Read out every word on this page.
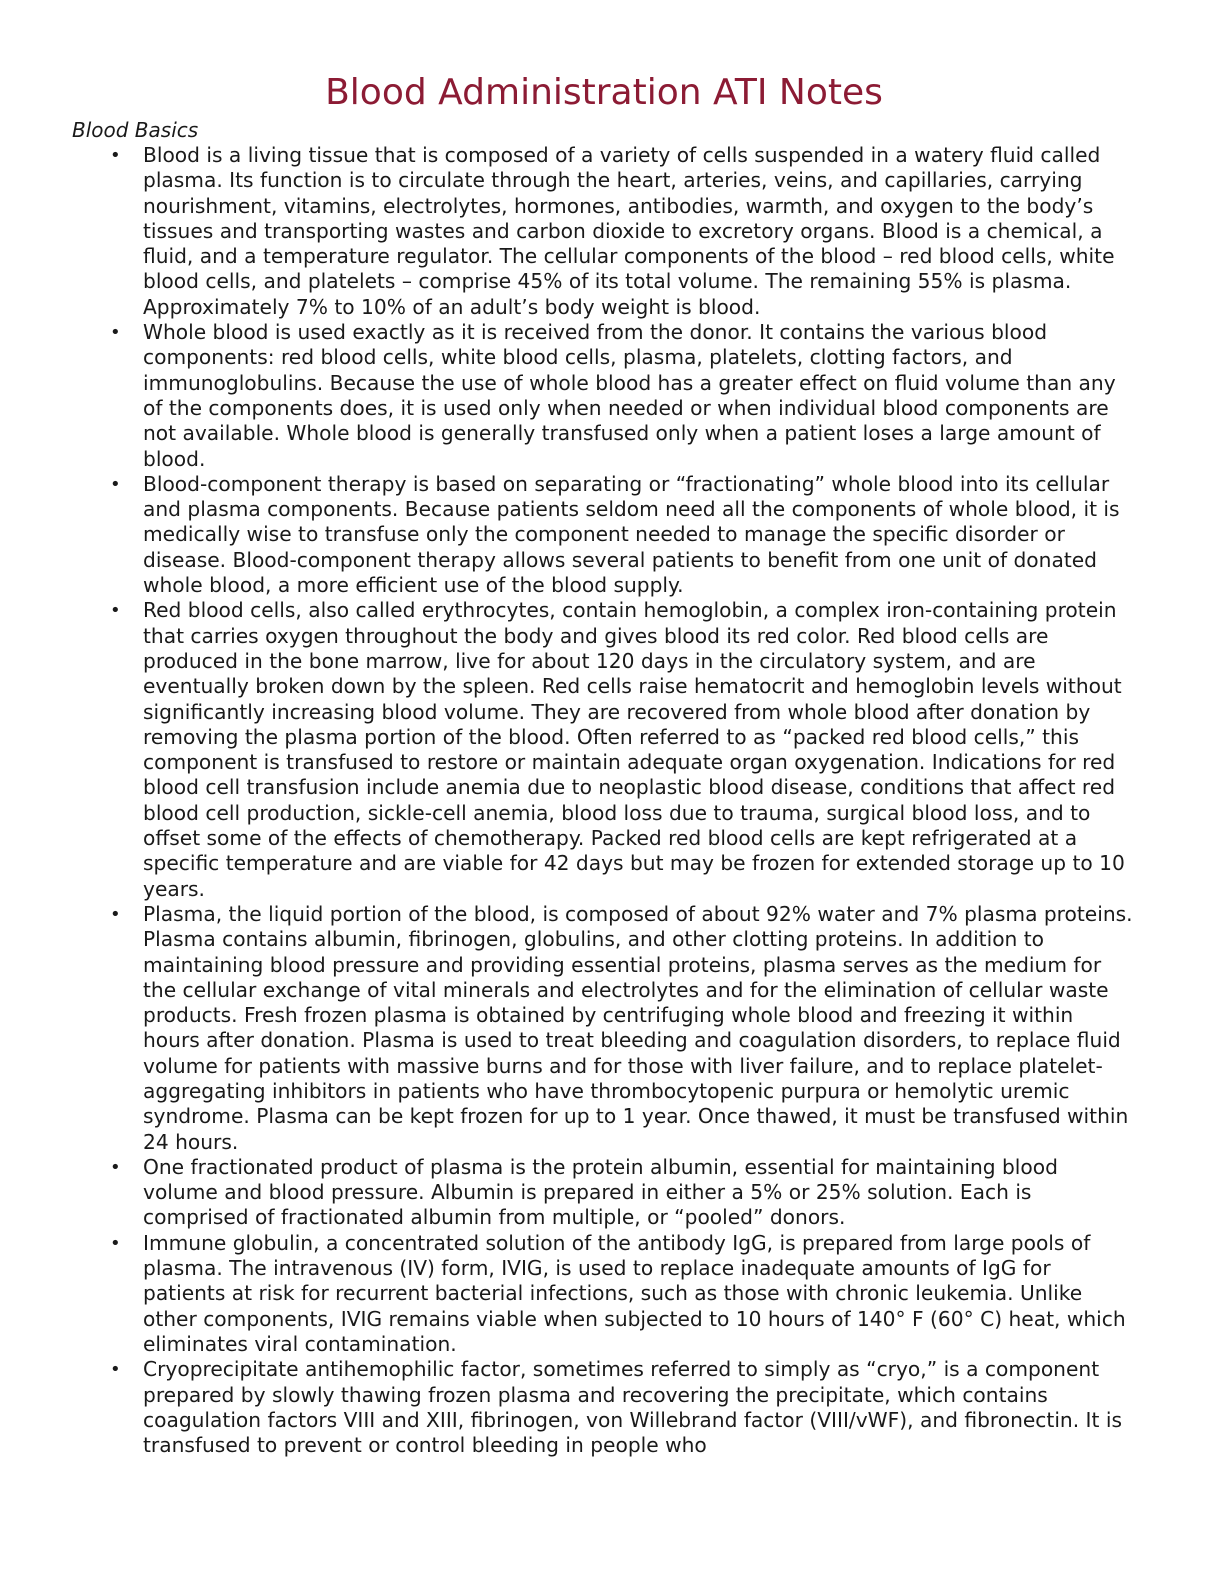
Blood Administration ATI Notes
Blood Basics
• Blood is a living tissue that is composed of a variety of cells suspended in a watery fluid called plasma. Its function is to circulate through the heart, arteries, veins, and capillaries, carrying nourishment, vitamins, electrolytes, hormones, antibodies, warmth, and oxygen to the body’s tissues and transporting wastes and carbon dioxide to excretory organs. Blood is a chemical, a fluid, and a temperature regulator. The cellular components of the blood – red blood cells, white blood cells, and platelets – comprise 45% of its total volume. The remaining 55% is plasma. Approximately 7% to 10% of an adult’s body weight is blood.
• Whole blood is used exactly as it is received from the donor. It contains the various blood components: red blood cells, white blood cells, plasma, platelets, clotting factors, and immunoglobulins. Because the use of whole blood has a greater effect on fluid volume than any of the components does, it is used only when needed or when individual blood components are not available. Whole blood is generally transfused only when a patient loses a large amount of blood.
• Blood-component therapy is based on separating or “fractionating” whole blood into its cellular and plasma components. Because patients seldom need all the components of whole blood, it is medically wise to transfuse only the component needed to manage the specific disorder or disease. Blood-component therapy allows several patients to benefit from one unit of donated whole blood, a more efficient use of the blood supply.
• Red blood cells, also called erythrocytes, contain hemoglobin, a complex iron-containing protein that carries oxygen throughout the body and gives blood its red color. Red blood cells are produced in the bone marrow, live for about 120 days in the circulatory system, and are eventually broken down by the spleen. Red cells raise hematocrit and hemoglobin levels without significantly increasing blood volume. They are recovered from whole blood after donation by removing the plasma portion of the blood. Often referred to as “packed red blood cells,” this component is transfused to restore or maintain adequate organ oxygenation. Indications for red blood cell transfusion include anemia due to neoplastic blood disease, conditions that affect red blood cell production, sickle-cell anemia, blood loss due to trauma, surgical blood loss, and to offset some of the effects of chemotherapy. Packed red blood cells are kept refrigerated at a specific temperature and are viable for 42 days but may be frozen for extended storage up to 10 years.
• Plasma, the liquid portion of the blood, is composed of about 92% water and 7% plasma proteins. Plasma contains albumin, fibrinogen, globulins, and other clotting proteins. In addition to maintaining blood pressure and providing essential proteins, plasma serves as the medium for the cellular exchange of vital minerals and electrolytes and for the elimination of cellular waste products. Fresh frozen plasma is obtained by centrifuging whole blood and freezing it within hours after donation. Plasma is used to treat bleeding and coagulation disorders, to replace fluid volume for patients with massive burns and for those with liver failure, and to replace platelet-aggregating inhibitors in patients who have thrombocytopenic purpura or hemolytic uremic syndrome. Plasma can be kept frozen for up to 1 year. Once thawed, it must be transfused within 24 hours.
• One fractionated product of plasma is the protein albumin, essential for maintaining blood volume and blood pressure. Albumin is prepared in either a 5% or 25% solution. Each is comprised of fractionated albumin from multiple, or “pooled” donors.
• Immune globulin, a concentrated solution of the antibody IgG, is prepared from large pools of plasma. The intravenous (IV) form, IVIG, is used to replace inadequate amounts of IgG for patients at risk for recurrent bacterial infections, such as those with chronic leukemia. Unlike other components, IVIG remains viable when subjected to 10 hours of 140° F (60° C) heat, which eliminates viral contamination.
• Cryoprecipitate antihemophilic factor, sometimes referred to simply as “cryo,” is a component prepared by slowly thawing frozen plasma and recovering the precipitate, which contains coagulation factors VIII and XIII, fibrinogen, von Willebrand factor (VIII/vWF), and fibronectin. It is transfused to prevent or control bleeding in people who
